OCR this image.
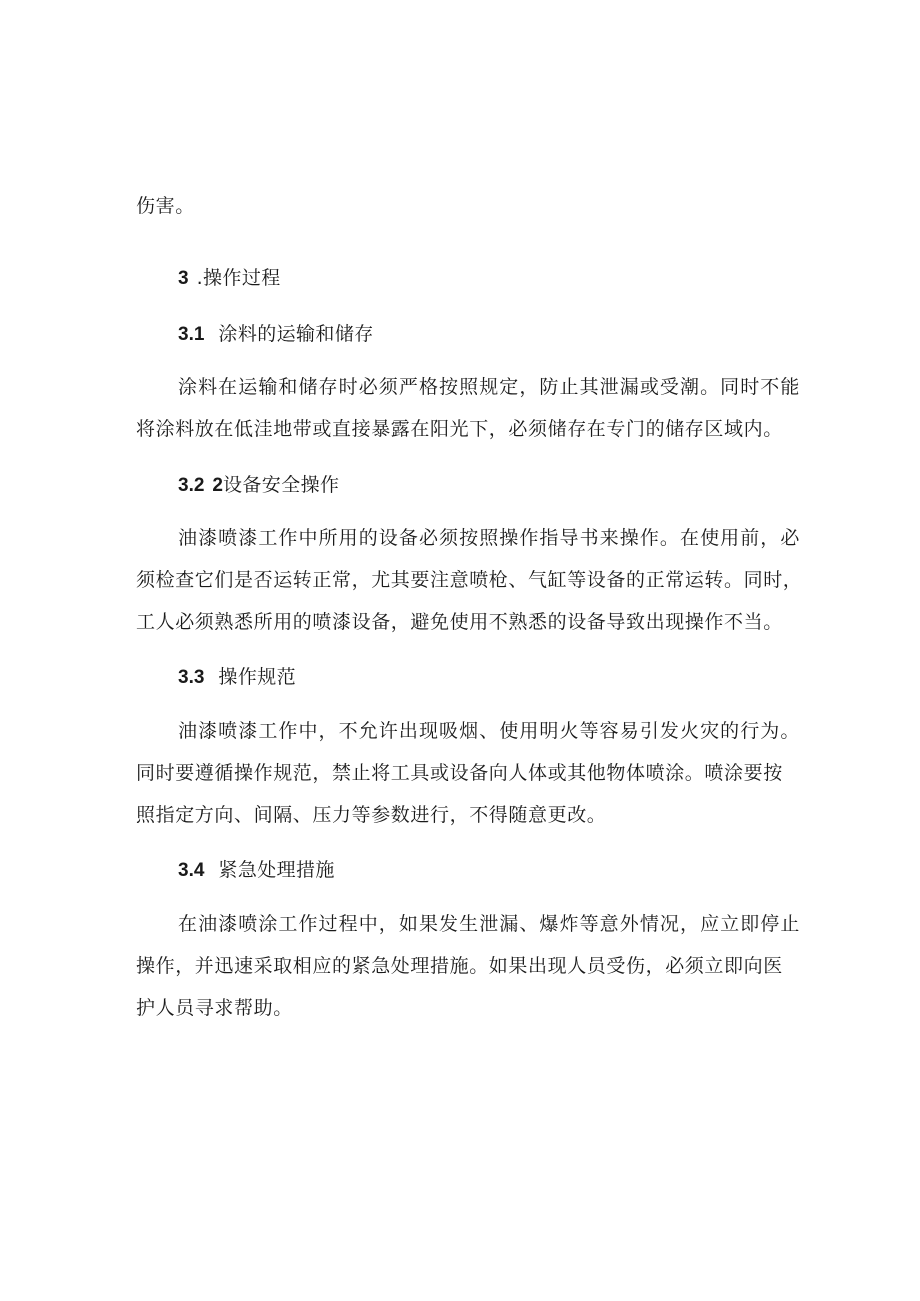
伤害。
3 .操作过程
3.1 涂料的运输和储存
涂料在运输和储存时必须严格按照规定，防止其泄漏或受潮。同时不能
将涂料放在低洼地带或直接暴露在阳光下，必须储存在专门的储存区域内。
3.2 2设备安全操作
油漆喷漆工作中所用的设备必须按照操作指导书来操作。在使用前，必
须检查它们是否运转正常，尤其要注意喷枪、气缸等设备的正常运转。同时，
工人必须熟悉所用的喷漆设备，避免使用不熟悉的设备导致出现操作不当。
3.3 操作规范
油漆喷漆工作中，不允许出现吸烟、使用明火等容易引发火灾的行为。
同时要遵循操作规范，禁止将工具或设备向人体或其他物体喷涂。喷涂要按
照指定方向、间隔、压力等参数进行，不得随意更改。
3.4 紧急处理措施
在油漆喷涂工作过程中，如果发生泄漏、爆炸等意外情况，应立即停止
操作，并迅速采取相应的紧急处理措施。如果出现人员受伤，必须立即向医
护人员寻求帮助。
